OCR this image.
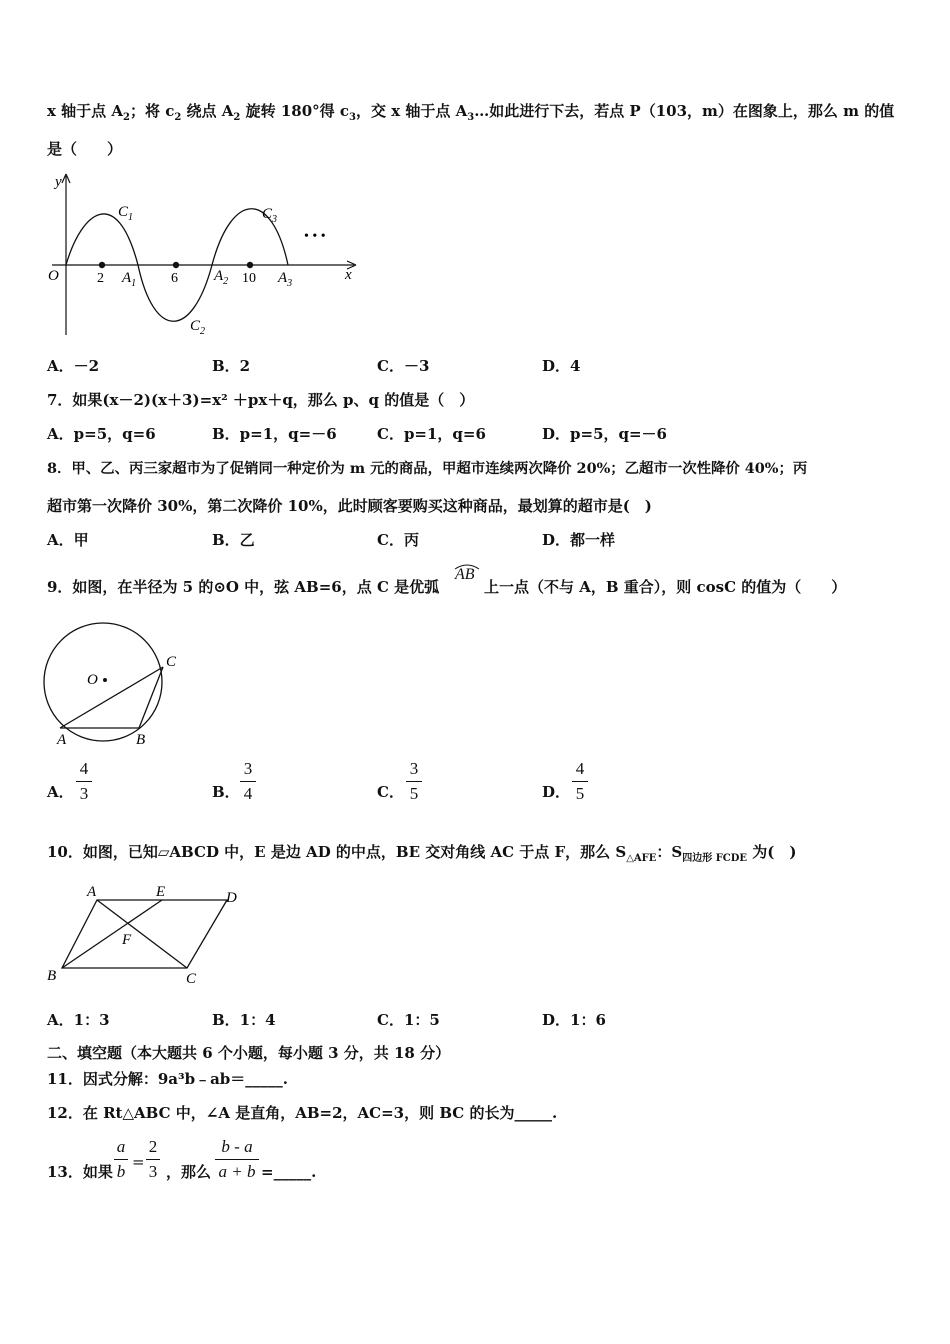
x 轴于点 $A_2$；将 $c_2$ 绕点 $A_2$ 旋转 180°得 $c_3$，交 x 轴于点 $A_3\dots$如此进行下去，若点 P（103，m）在图象上，那么 m 的值
是（　　）
y
x
O	2	6	10
$A_1$	$A_2$	$A_3$
$C_1$
$C_2$
$C_3$
• • •
A．－2	B．2	C．－3	D．4
7．如果(x－2)(x＋3)=x² ＋px＋q，那么 p、q 的值是（　）
A．p=5，q=6	B．p=1，q=－6	C．p=1，q=6	D．p=5，q=－6
8．甲、乙、丙三家超市为了促销同一种定价为 m 元的商品，甲超市连续两次降价 20%；乙超市一次性降价 40%；丙
超市第一次降价 30%，第二次降价 10%，此时顾客要购买这种商品，最划算的超市是(　)
A．甲	B．乙	C．丙	D．都一样
9．如图，在半径为 5 的⊙O 中，弦 AB=6，点 C 是优弧
AB
上一点（不与 A，B 重合），则 cosC 的值为（　　）
O
A	B
C
A．
4
3	B．
3
4	C．
3
5	D．
4
5
10．如图，已知▱ABCD 中，E 是边 AD 的中点，BE 交对角线 AC 于点 F，那么 $S_{\triangle AFE}$：$S_{四边形 FCDE}$ 为(　)
A	E	D
F
B	C
A．1：3	B．1：4	C．1：5	D．1：6
二、填空题（本大题共 6 个小题，每小题 3 分，共 18 分）
11．因式分解：9a³b﹣ab＝_____.
12．在 Rt△ABC 中，∠A 是直角，AB=2，AC=3，则 BC 的长为_____.
13．如果
a
b =
2
3 ，那么
b - a
a + b =_____.
